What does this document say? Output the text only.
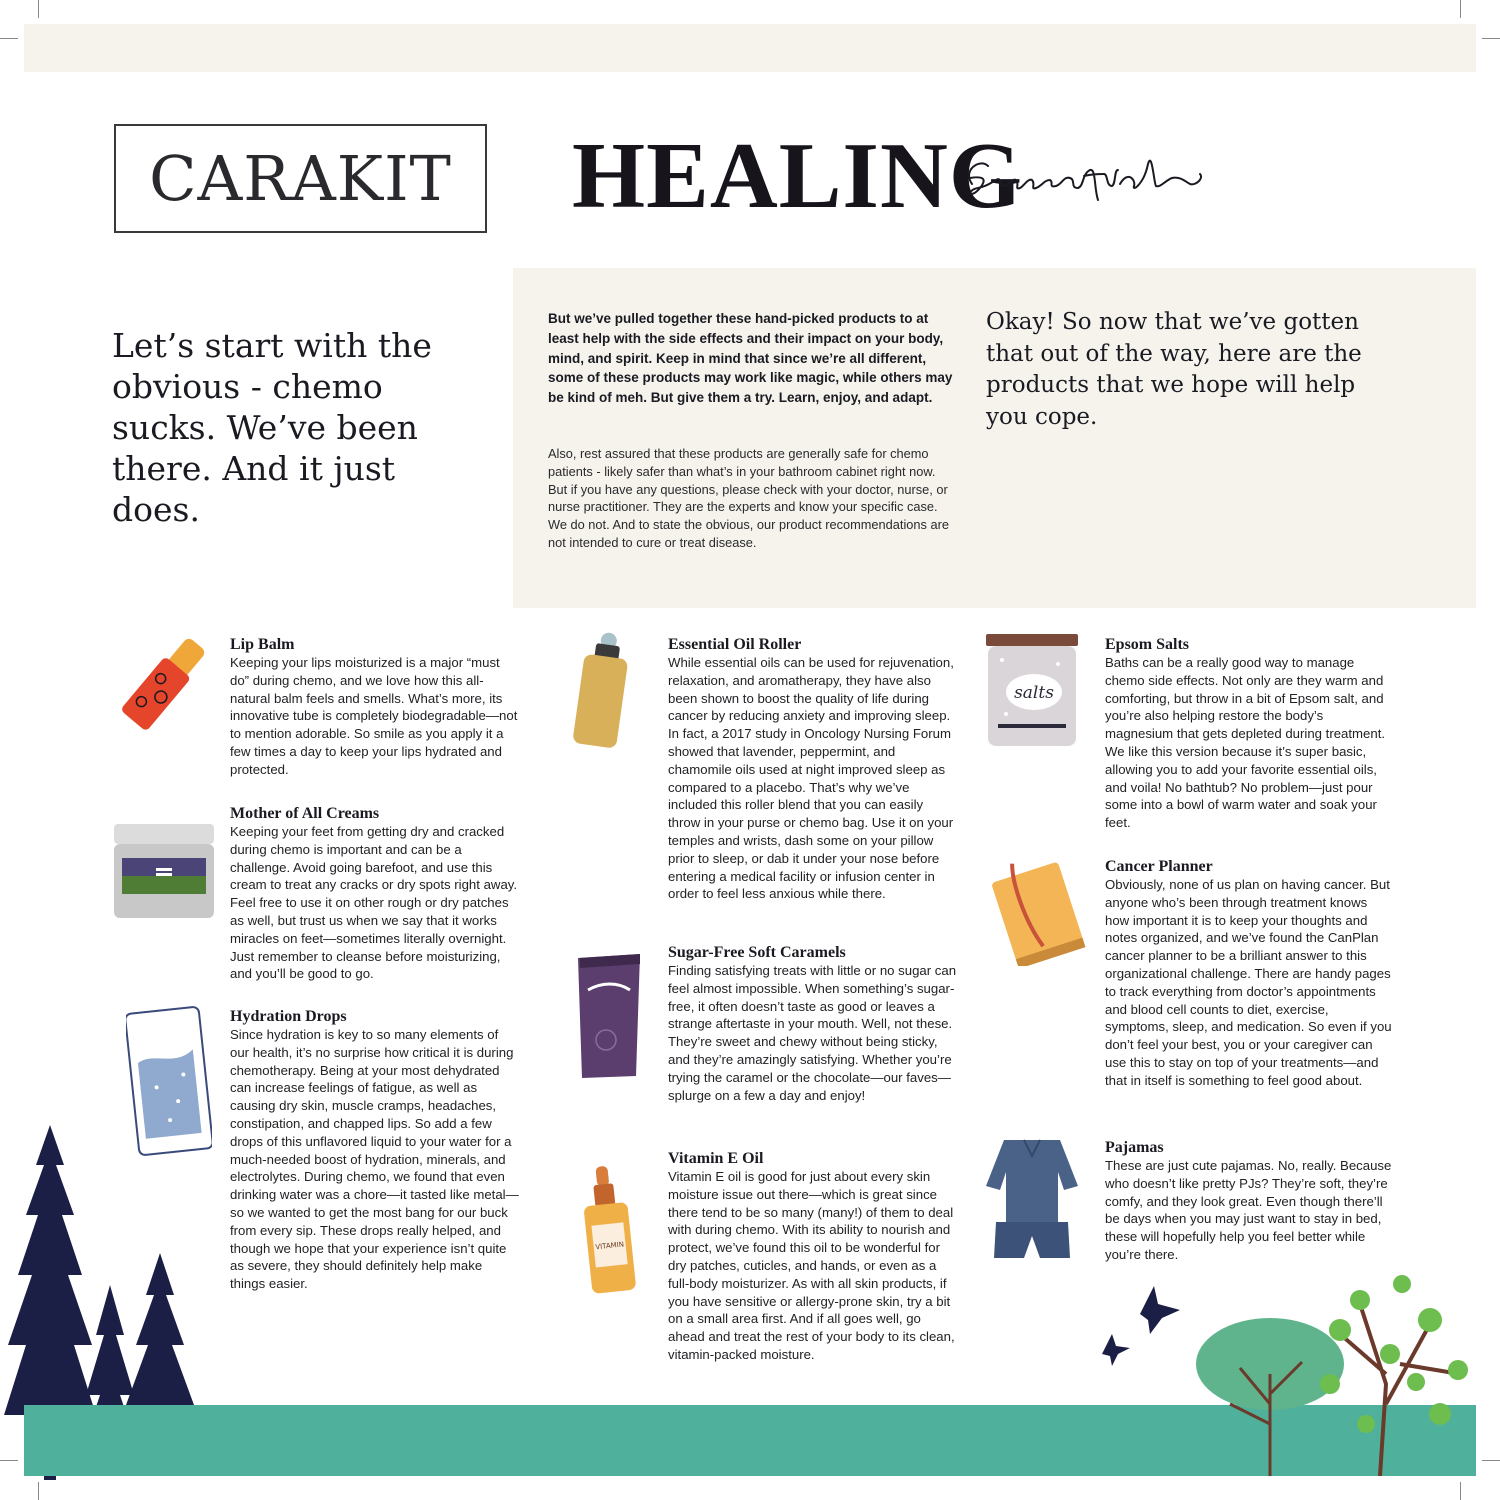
CARAKIT HEALING
Let’s start with the obvious - chemo sucks. We’ve been there. And it just does.
But we’ve pulled together these hand-picked products to at least help with the side effects and their impact on your body, mind, and spirit. Keep in mind that since we’re all different, some of these products may work like magic, while others may be kind of meh. But give them a try. Learn, enjoy, and adapt.
Also, rest assured that these products are generally safe for chemo patients - likely safer than what’s in your bathroom cabinet right now. But if you have any questions, please check with your doctor, nurse, or nurse practitioner. They are the experts and know your specific case. We do not. And to state the obvious, our product recommendations are not intended to cure or treat disease.
Okay! So now that we’ve gotten that out of the way, here are the products that we hope will help you cope.
Lip Balm
Keeping your lips moisturized is a major “must do” during chemo, and we love how this all-natural balm feels and smells. What’s more, its innovative tube is completely biodegradable—not to mention adorable. So smile as you apply it a few times a day to keep your lips hydrated and protected.
Mother of All Creams
Keeping your feet from getting dry and cracked during chemo is important and can be a challenge. Avoid going barefoot, and use this cream to treat any cracks or dry spots right away. Feel free to use it on other rough or dry patches as well, but trust us when we say that it works miracles on feet—sometimes literally overnight. Just remember to cleanse before moisturizing, and you’ll be good to go.
Hydration Drops
Since hydration is key to so many elements of our health, it’s no surprise how critical it is during chemotherapy. Being at your most dehydrated can increase feelings of fatigue, as well as causing dry skin, muscle cramps, headaches, constipation, and chapped lips. So add a few drops of this unflavored liquid to your water for a much-needed boost of hydration, minerals, and electrolytes. During chemo, we found that even drinking water was a chore—it tasted like metal—so we wanted to get the most bang for our buck from every sip. These drops really helped, and though we hope that your experience isn’t quite as severe, they should definitely help make things easier.
Essential Oil Roller
While essential oils can be used for rejuvenation, relaxation, and aromatherapy, they have also been shown to boost the quality of life during cancer by reducing anxiety and improving sleep. In fact, a 2017 study in Oncology Nursing Forum showed that lavender, peppermint, and chamomile oils used at night improved sleep as compared to a placebo. That’s why we’ve included this roller blend that you can easily throw in your purse or chemo bag. Use it on your temples and wrists, dash some on your pillow prior to sleep, or dab it under your nose before entering a medical facility or infusion center in order to feel less anxious while there.
Sugar-Free Soft Caramels
Finding satisfying treats with little or no sugar can feel almost impossible. When something’s sugar-free, it often doesn’t taste as good or leaves a strange aftertaste in your mouth. Well, not these. They’re sweet and chewy without being sticky, and they’re amazingly satisfying. Whether you’re trying the caramel or the chocolate—our faves—splurge on a few a day and enjoy!
VITAMIN
Vitamin E Oil
Vitamin E oil is good for just about every skin moisture issue out there—which is great since there tend to be so many (many!) of them to deal with during chemo. With its ability to nourish and protect, we’ve found this oil to be wonderful for dry patches, cuticles, and hands, or even as a full-body moisturizer. As with all skin products, if you have sensitive or allergy-prone skin, try a bit on a small area first. And if all goes well, go ahead and treat the rest of your body to its clean, vitamin-packed moisture.
salts
Epsom Salts
Baths can be a really good way to manage chemo side effects. Not only are they warm and comforting, but throw in a bit of Epsom salt, and you’re also helping restore the body’s magnesium that gets depleted during treatment. We like this version because it’s super basic, allowing you to add your favorite essential oils, and voila! No bathtub? No problem—just pour some into a bowl of warm water and soak your feet.
Cancer Planner
Obviously, none of us plan on having cancer. But anyone who’s been through treatment knows how important it is to keep your thoughts and notes organized, and we’ve found the CanPlan cancer planner to be a brilliant answer to this organizational challenge. There are handy pages to track everything from doctor’s appointments and blood cell counts to diet, exercise, symptoms, sleep, and medication. So even if you don’t feel your best, you or your caregiver can use this to stay on top of your treatments—and that in itself is something to feel good about.
Pajamas
These are just cute pajamas. No, really. Because who doesn’t like pretty PJs? They’re soft, they’re comfy, and they look great. Even though there’ll be days when you may just want to stay in bed, these will hopefully help you feel better while you’re there.
